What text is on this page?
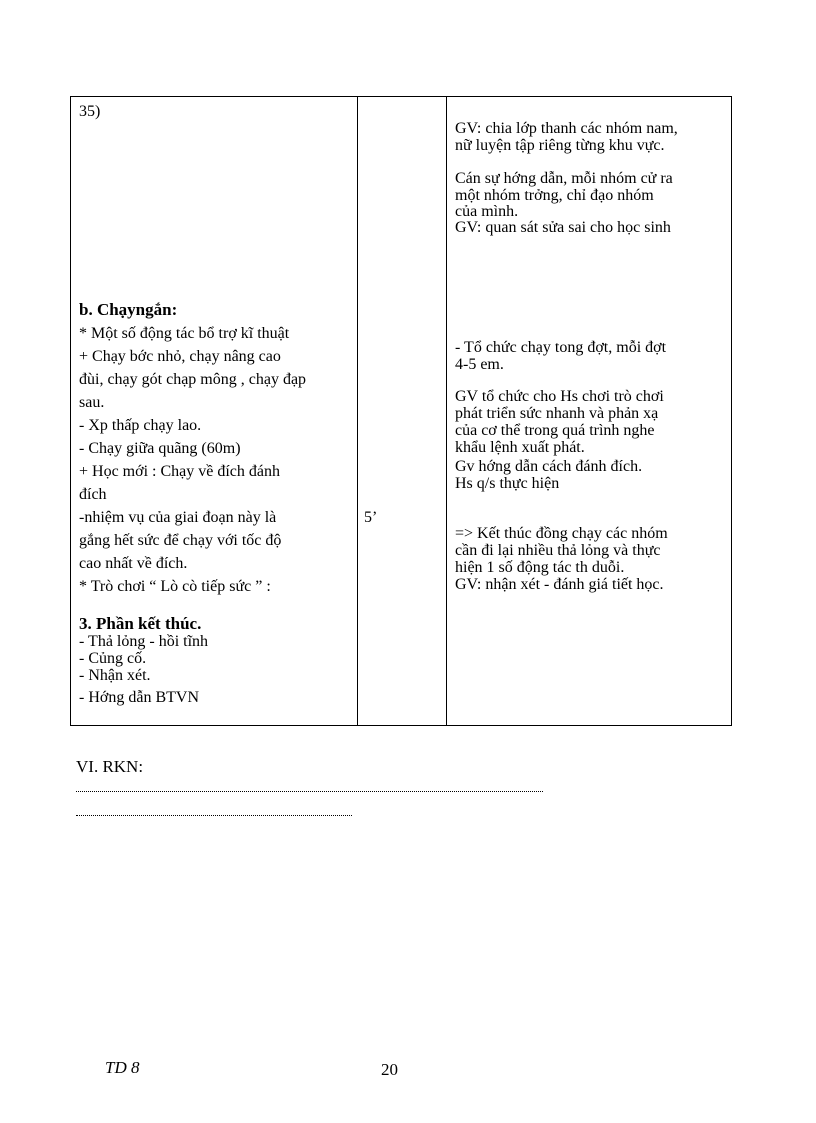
35)
b. Chạyngắn:
* Một số động tác bổ trợ kĩ thuật
+ Chạy bớc nhỏ, chạy nâng cao
đùi, chạy gót chạp mông , chạy đạp
sau.
- Xp thấp chạy lao.
- Chạy giữa quãng (60m)
+ Học mới : Chạy về đích đánh
đích
-nhiệm vụ của giai đoạn này là
gắng hết sức để chạy với tốc độ
cao nhất về đích.
* Trò chơi “ Lò cò tiếp sức ” :
3. Phần kết thúc.
- Thả lỏng - hồi tĩnh
- Củng cố.
- Nhận xét.
- Hớng dẫn BTVN
5’
GV: chia lớp thanh các nhóm nam,
nữ luyện tập riêng từng khu vực.
Cán sự hớng dẫn, mỗi nhóm cử ra
một nhóm trởng, chỉ đạo nhóm
của mình.
GV: quan sát sửa sai cho học sinh
- Tổ chức chạy tong đợt, mỗi đợt
4-5 em.
GV tổ chức cho Hs chơi trò chơi
phát triển sức nhanh và phản xạ
của cơ thể trong quá trình nghe
khẩu lệnh xuất phát.
Gv hớng dẫn cách đánh đích.
Hs q/s thực hiện
=> Kết thúc đồng chạy các nhóm
cần đi lại nhiều thả lỏng và thực
hiện 1 số động tác th duỗi.
GV: nhận xét - đánh giá tiết học.
VI. RKN:
TD 8	20
